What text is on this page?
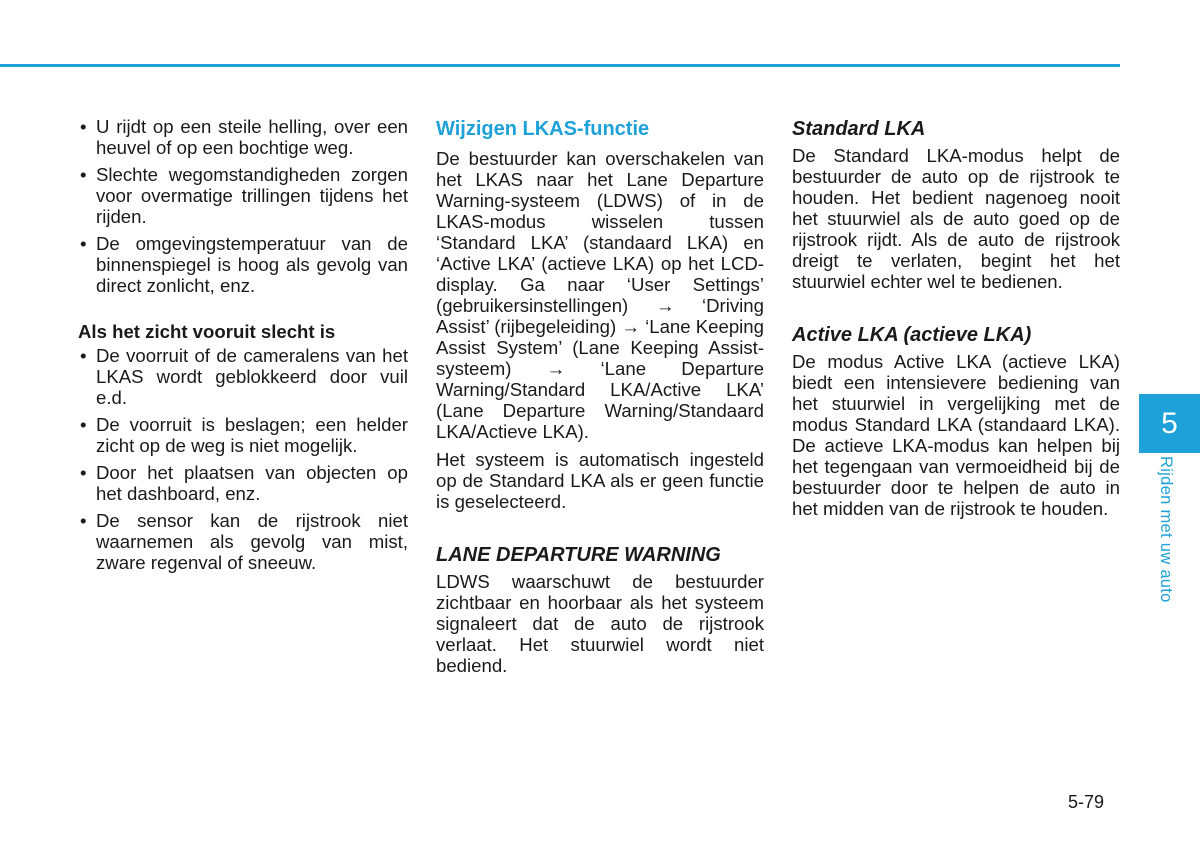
• U rijdt op een steile helling, over een heuvel of op een bochtige weg.
• Slechte wegomstandigheden zorgen voor overmatige trillingen tijdens het rijden.
• De omgevingstemperatuur van de binnenspiegel is hoog als gevolg van direct zonlicht, enz.
Als het zicht vooruit slecht is
• De voorruit of de cameralens van het LKAS wordt geblokkeerd door vuil e.d.
• De voorruit is beslagen; een helder zicht op de weg is niet mogelijk.
• Door het plaatsen van objecten op het dashboard, enz.
• De sensor kan de rijstrook niet waarnemen als gevolg van mist, zware regenval of sneeuw.
Wijzigen LKAS-functie

De bestuurder kan overschakelen van het LKAS naar het Lane Departure Warning-systeem (LDWS) of in de LKAS-modus wisselen tussen ‘Standard LKA’ (standaard LKA) en ‘Active LKA’ (actieve LKA) op het LCD-display. Ga naar ‘User Settings’ (gebruikersinstellingen) → ‘Driving Assist’ (rijbegeleiding) → ‘Lane Keeping Assist System’ (Lane Keeping Assist-systeem) → ‘Lane Departure Warning/Standard LKA/Active LKA’ (Lane Departure Warning/Standaard LKA/Actieve LKA).

Het systeem is automatisch ingesteld op de Standard LKA als er geen functie is geselecteerd.

LANE DEPARTURE WARNING

LDWS waarschuwt de bestuurder zichtbaar en hoorbaar als het systeem signaleert dat de auto de rijstrook verlaat. Het stuurwiel wordt niet bediend.

Standard LKA

De Standard LKA-modus helpt de bestuurder de auto op de rijstrook te houden. Het bedient nagenoeg nooit het stuurwiel als de auto goed op de rijstrook rijdt. Als de auto de rijstrook dreigt te verlaten, begint het het stuurwiel echter wel te bedienen.

Active LKA (actieve LKA)

De modus Active LKA (actieve LKA) biedt een intensievere bediening van het stuurwiel in vergelijking met de modus Standard LKA (standaard LKA). De actieve LKA-modus kan helpen bij het tegengaan van vermoeidheid bij de bestuurder door te helpen de auto in het midden van de rijstrook te houden.

5
Rijden met uw auto
5-79
